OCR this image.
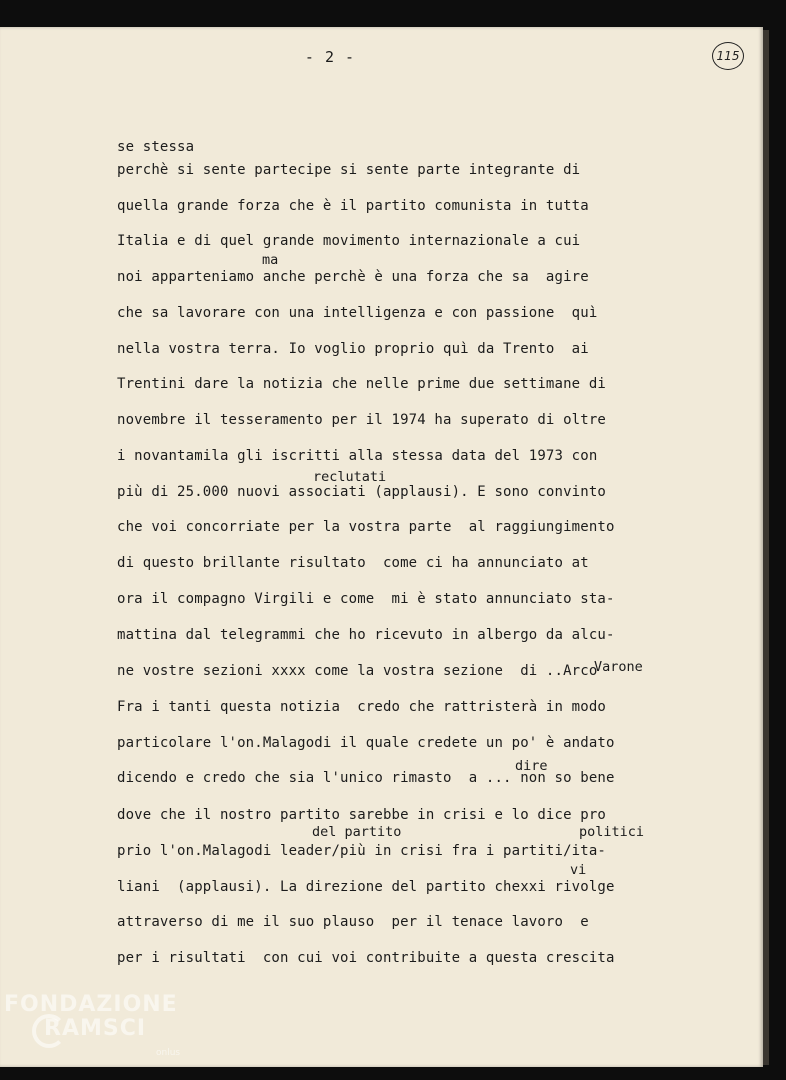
- 2 -	115
se stessa
perchè si sente partecipe si sente parte integrante di
quella grande forza che è il partito comunista in tutta
Italia e di quel grande movimento internazionale a cui
noi apparteniamo anche perchè è una forza che sa  agire
che sa lavorare con una intelligenza e con passione  quì
nella vostra terra. Io voglio proprio quì da Trento  ai
Trentini dare la notizia che nelle prime due settimane di
novembre il tesseramento per il 1974 ha superato di oltre
i novantamila gli iscritti alla stessa data del 1973 con
più di 25.000 nuovi associati (applausi). E sono convinto
che voi concorriate per la vostra parte  al raggiungimento
di questo brillante risultato  come ci ha annunciato at
ora il compagno Virgili e come  mi è stato annunciato sta-
mattina dal telegrammi che ho ricevuto in albergo da alcu-
ne vostre sezioni xxxx come la vostra sezione  di ..Arco
Fra i tanti questa notizia  credo che rattristerà in modo
particolare l'on.Malagodi il quale credete un po' è andato
dicendo e credo che sia l'unico rimasto  a ... non so bene
dove che il nostro partito sarebbe in crisi e lo dice pro
prio l'on.Malagodi leader/più in crisi fra i partiti/ita-
liani  (applausi). La direzione del partito chexxi rivolge
attraverso di me il suo plauso  per il tenace lavoro  e
per i risultati  con cui voi contribuite a questa crescita
ma
reclutati
dire
del partito	politici
vi
Varone
FONDAZIONE
RAMSCI
onlus
